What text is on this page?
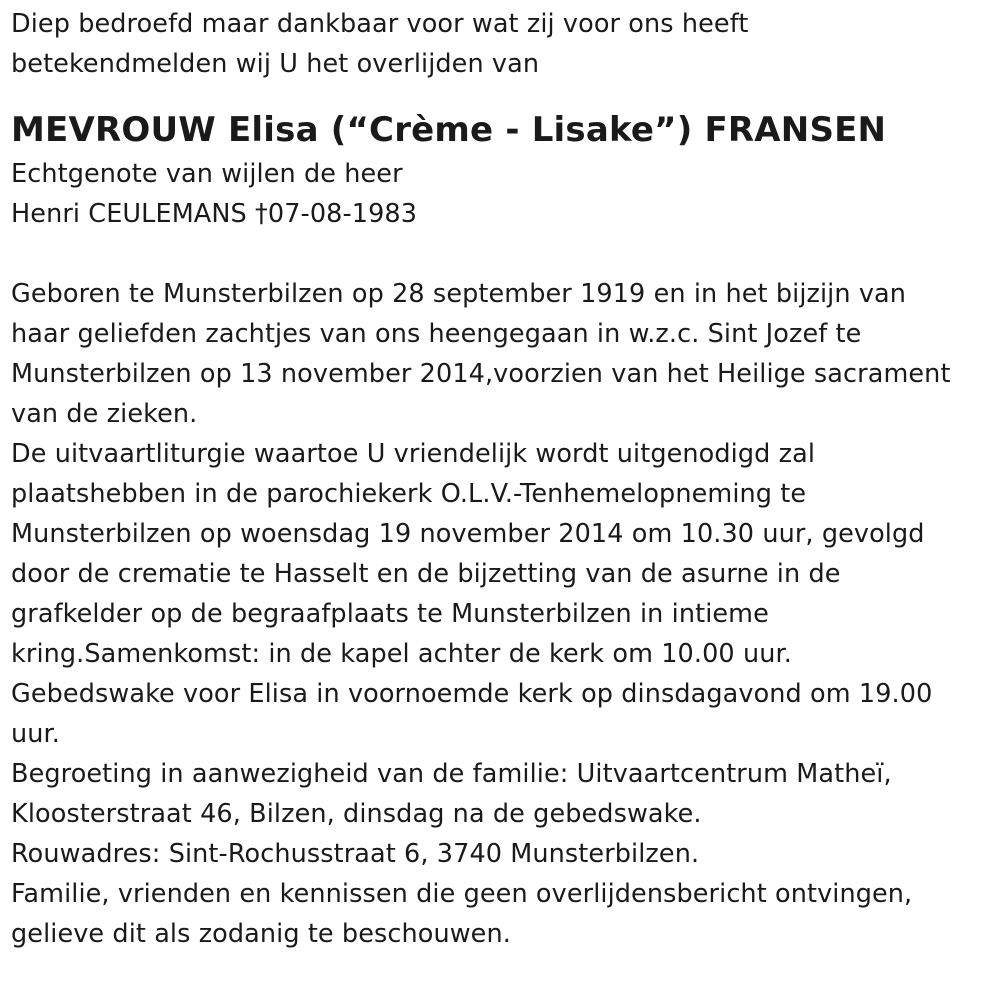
Diep bedroefd maar dankbaar voor wat zij voor ons heeft
betekendmelden wij U het overlijden van
MEVROUW Elisa (“Crème - Lisake”) FRANSEN
Echtgenote van wijlen de heer
Henri CEULEMANS †07-08-1983
Geboren te Munsterbilzen op 28 september 1919 en in het bijzijn van
haar geliefden zachtjes van ons heengegaan in w.z.c. Sint Jozef te
Munsterbilzen op 13 november 2014,voorzien van het Heilige sacrament
van de zieken.
De uitvaartliturgie waartoe U vriendelijk wordt uitgenodigd zal
plaatshebben in de parochiekerk O.L.V.-Tenhemelopneming te
Munsterbilzen op woensdag 19 november 2014 om 10.30 uur, gevolgd
door de crematie te Hasselt en de bijzetting van de asurne in de
grafkelder op de begraafplaats te Munsterbilzen in intieme
kring.Samenkomst: in de kapel achter de kerk om 10.00 uur.
Gebedswake voor Elisa in voornoemde kerk op dinsdagavond om 19.00
uur.
Begroeting in aanwezigheid van de familie: Uitvaartcentrum Matheï,
Kloosterstraat 46, Bilzen, dinsdag na de gebedswake.
Rouwadres: Sint-Rochusstraat 6, 3740 Munsterbilzen.
Familie, vrienden en kennissen die geen overlijdensbericht ontvingen,
gelieve dit als zodanig te beschouwen.
